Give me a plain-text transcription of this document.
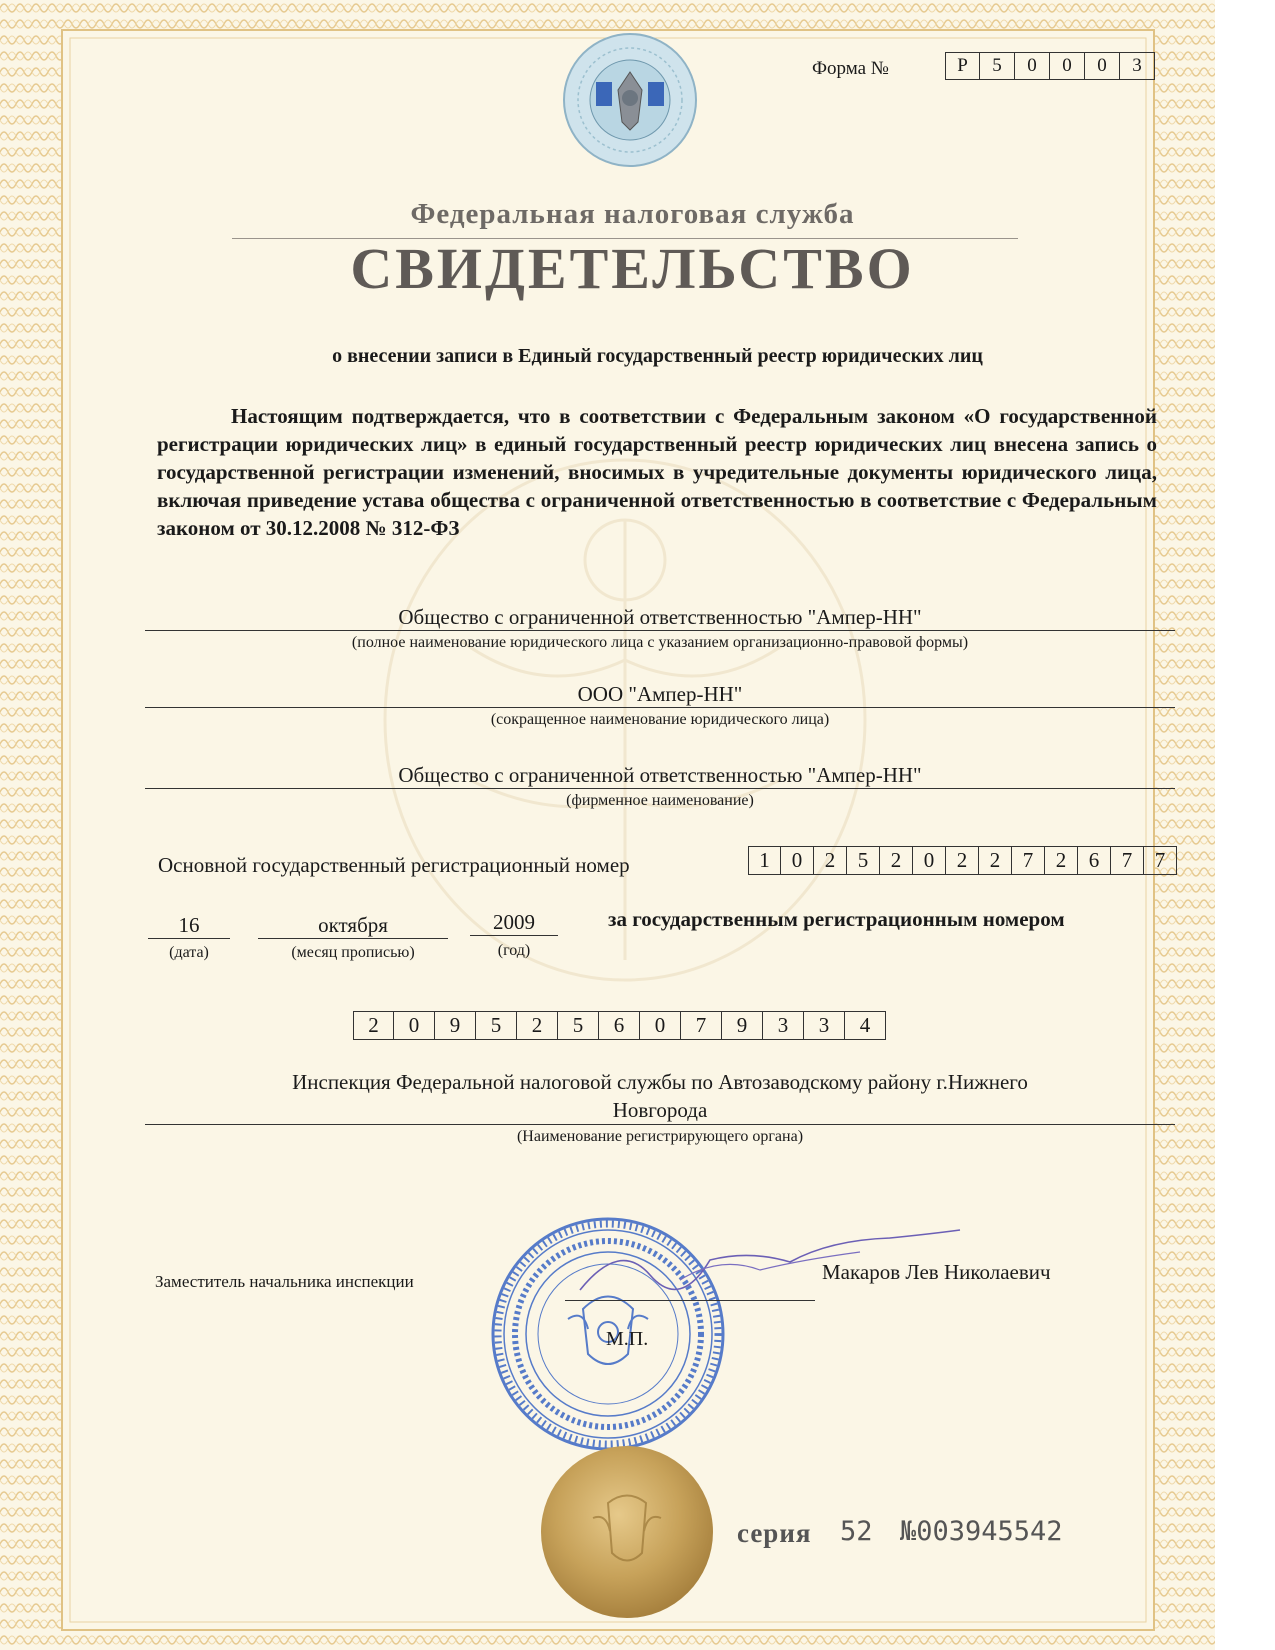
Форма №	Р	5	0	0	0	3
Федеральная налоговая служба
СВИДЕТЕЛЬСТВО
о внесении записи в Единый государственный реестр юридических лиц
Настоящим подтверждается, что в соответствии с Федеральным законом «О государственной регистрации юридических лиц» в единый государственный реестр юридических лиц внесена запись о государственной регистрации изменений, вносимых в учредительные документы юридического лица, включая приведение устава общества с ограниченной ответственностью в соответствие с Федеральным законом от 30.12.2008 № 312-ФЗ
Общество с ограниченной ответственностью "Ампер-НН"
(полное наименование юридического лица с указанием организационно-правовой формы)
ООО "Ампер-НН"
(сокращенное наименование юридического лица)
Общество с ограниченной ответственностью "Ампер-НН"
(фирменное наименование)
Основной государственный регистрационный номер	1	0	2	5	2	0	2	2	7	2	6	7	7
16
(дата)
октября
(месяц прописью)
2009
(год)
за государственным регистрационным номером
2	0	9	5	2	5	6	0	7	9	3	3	4
Инспекция Федеральной налоговой службы по Автозаводскому району г.Нижнего
Новгорода
(Наименование регистрирующего органа)
Заместитель начальника инспекции	Макаров Лев Николаевич
М.П.
серия 52 №003945542
